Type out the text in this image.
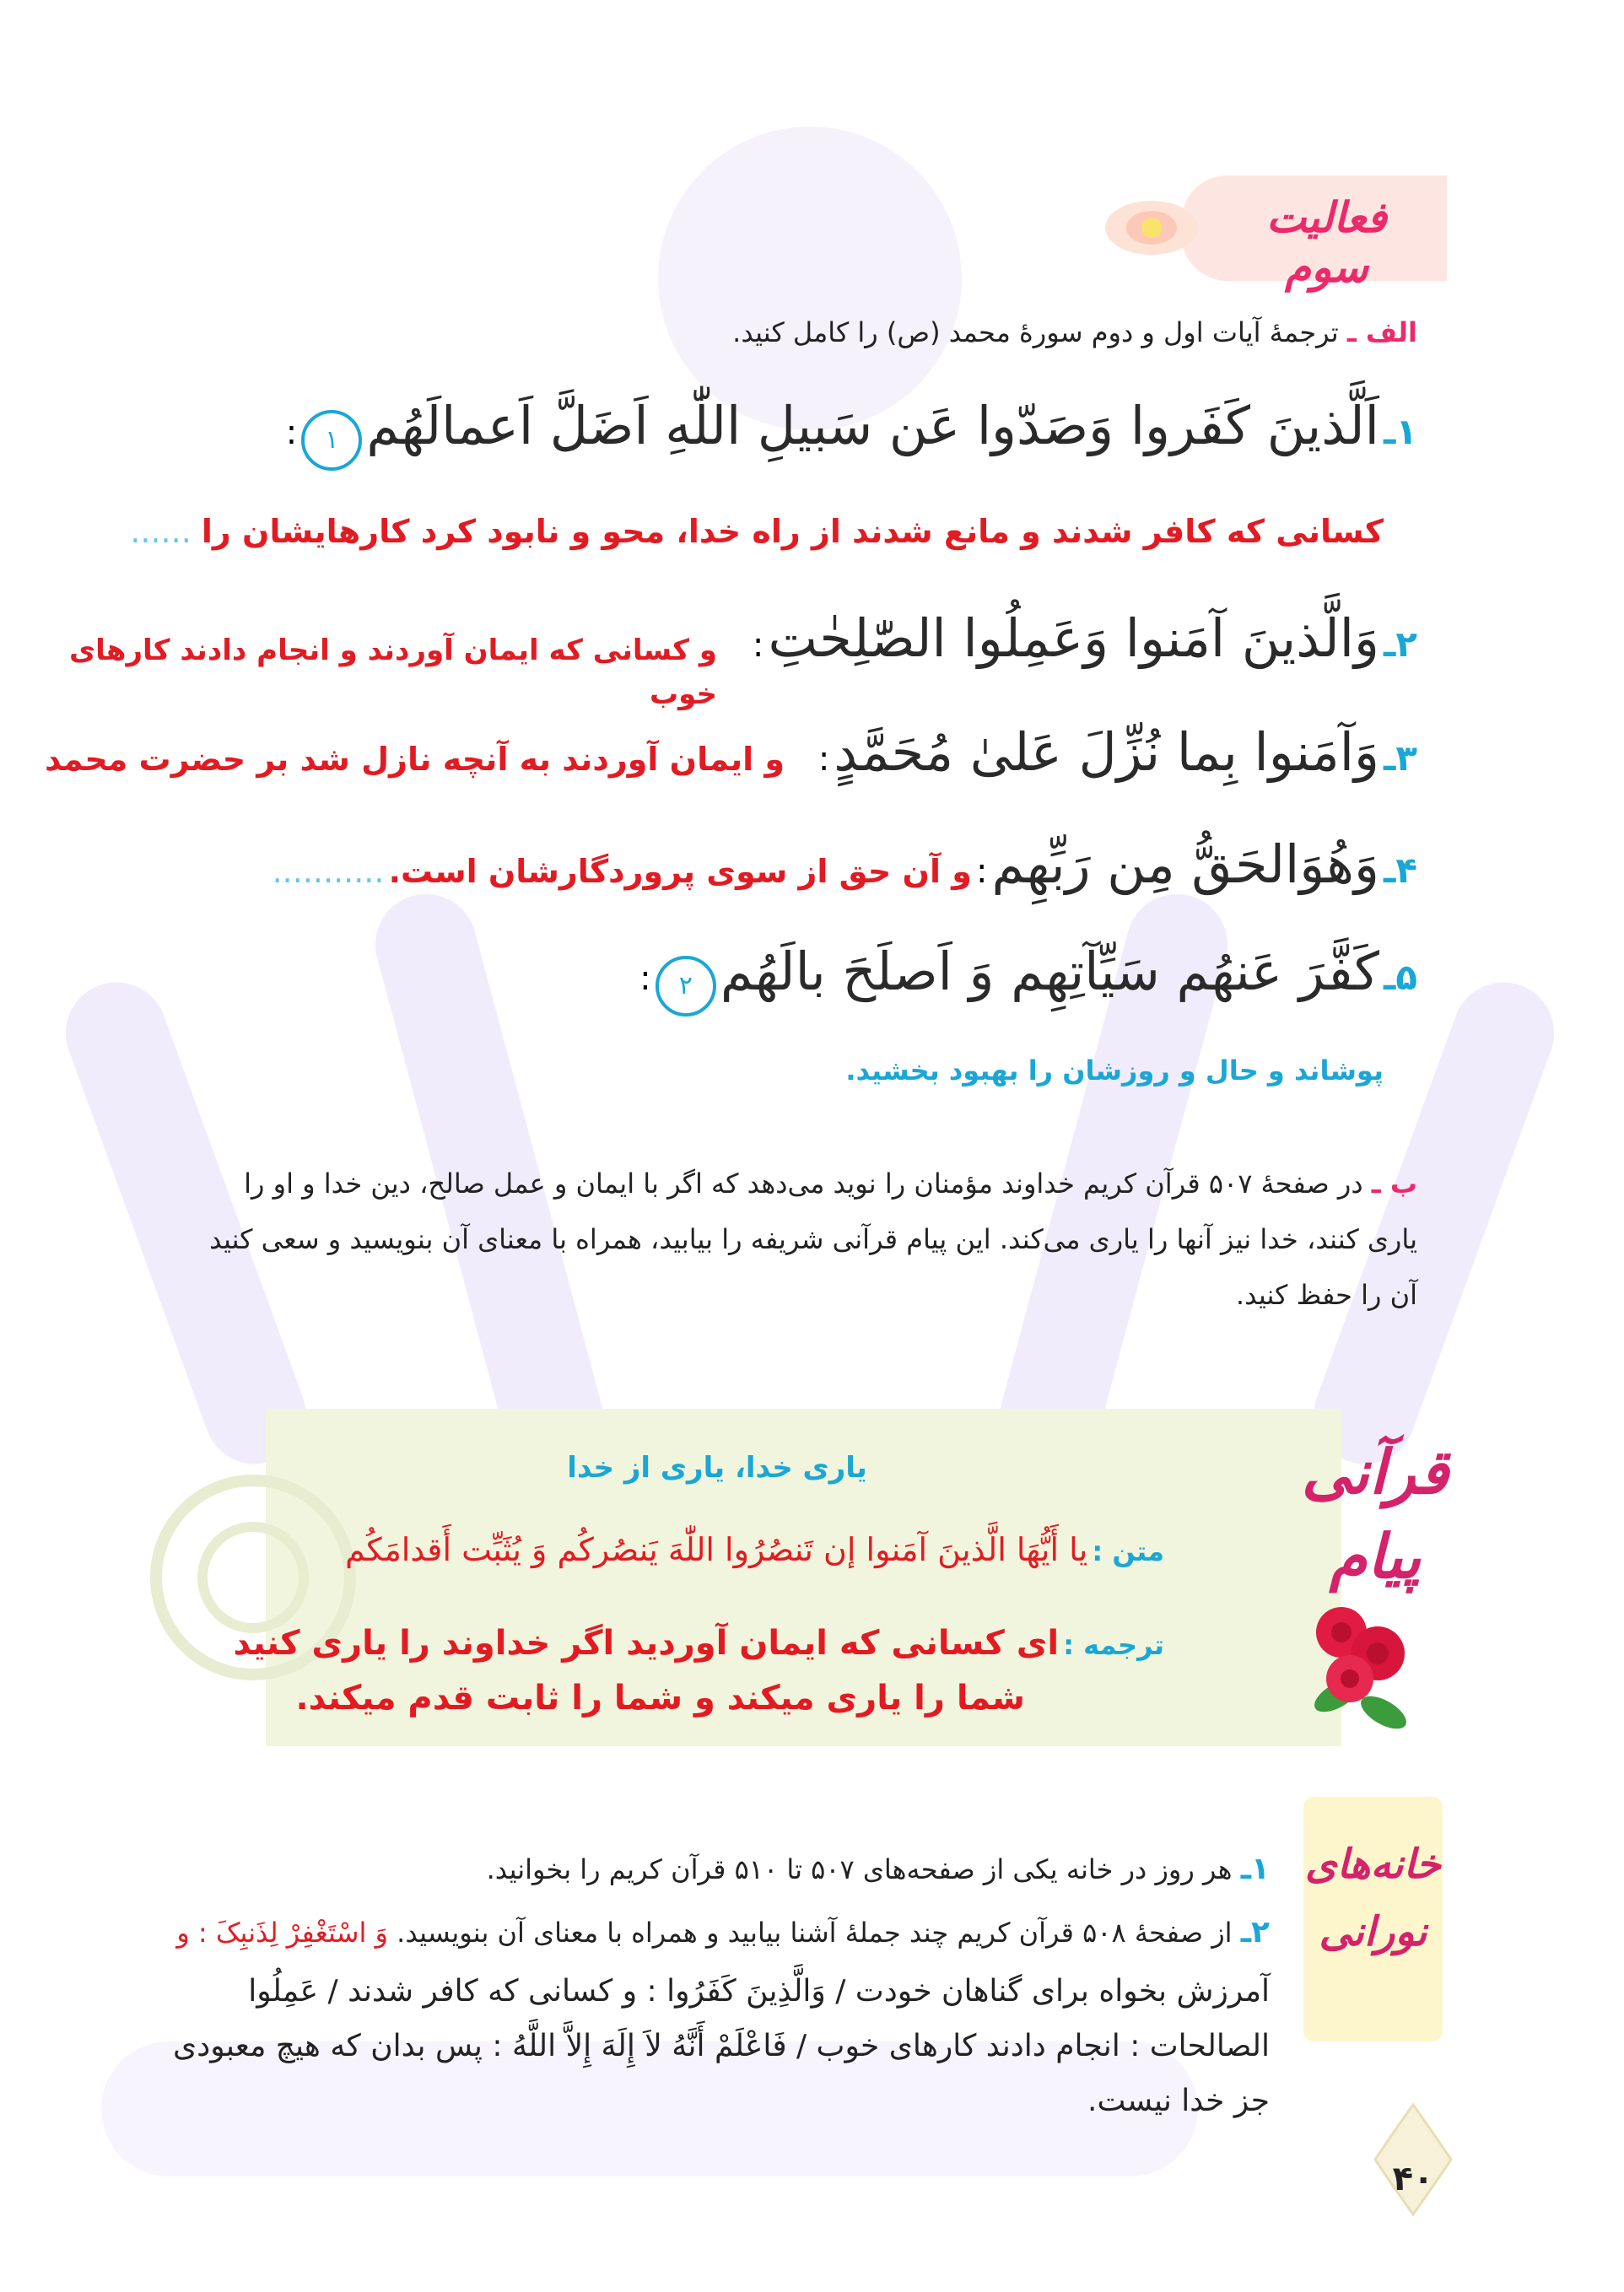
فعالیت سوم
الف ـ ترجمهٔ آیات اول و دوم سورهٔ محمد (ص) را کامل کنید.
۱ـ اَلَّذینَ کَفَروا وَصَدّوا عَن سَبیلِ اللّٰهِ اَضَلَّ اَعمالَهُم ۱ :
کسانی که کافر شدند و مانع شدند از راه خدا، محو و نابود کرد کارهایشان را ......
۲ـ وَالَّذینَ آمَنوا وَعَمِلُوا الصّٰلِحٰتِ :
و کسانی که ایمان آوردند و انجام دادند کارهای خوب
۳ـ وَآمَنوا بِما نُزِّلَ عَلیٰ مُحَمَّدٍ :
و ایمان آوردند به آنچه نازل شد بر حضرت محمد
۴ـ وَهُوَالحَقُّ مِن رَبِّهِم : و آن حق از سوی پروردگارشان است. ...........
۵ـ کَفَّرَ عَنهُم سَیِّآتِهِم وَ اَصلَحَ بالَهُم ۲ :
پوشاند و حال و روزشان را بهبود بخشید.
ب ـ در صفحهٔ ۵۰۷ قرآن کریم خداوند مؤمنان را نوید می‌دهد که اگر با ایمان و عمل صالح، دین خدا و او را یاری کنند، خدا نیز آنها را یاری می‌کند. این پیام قرآنی شریفه را بیابید، همراه با معنای آن بنویسید و سعی کنید آن را حفظ کنید.
قرآنی
پیام
یاری خدا، یاری از خدا
متن : یا أَیُّهَا الَّذینَ آمَنوا إن تَنصُرُوا اللّٰهَ یَنصُرکُم وَ یُثَبِّت أَقدامَکُم
ترجمه : ای کسانی که ایمان آوردید اگر خداوند را یاری کنید
شما را یاری میکند و شما را ثابت قدم میکند.
خانه‌های
نورانی
۱ـ هر روز در خانه یکی از صفحه‌های ۵۰۷ تا ۵۱۰ قرآن کریم را بخوانید.
۲ـ از صفحهٔ ۵۰۸ قرآن کریم چند جملهٔ آشنا بیابید و همراه با معنای آن بنویسید. وَ اسْتَغْفِرْ لِذَنبِکَ : و
آمرزش بخواه برای گناهان خودت / وَالَّذِینَ کَفَرُوا : و کسانی که کافر شدند / عَمِلُوا
الصالحات : انجام دادند کارهای خوب / فَاعْلَمْ أَنَّهُ لاَ إِلَهَ إِلاَّ اللَّهُ : پس بدان که هیچ معبودی
جز خدا نیست.
۴۰
